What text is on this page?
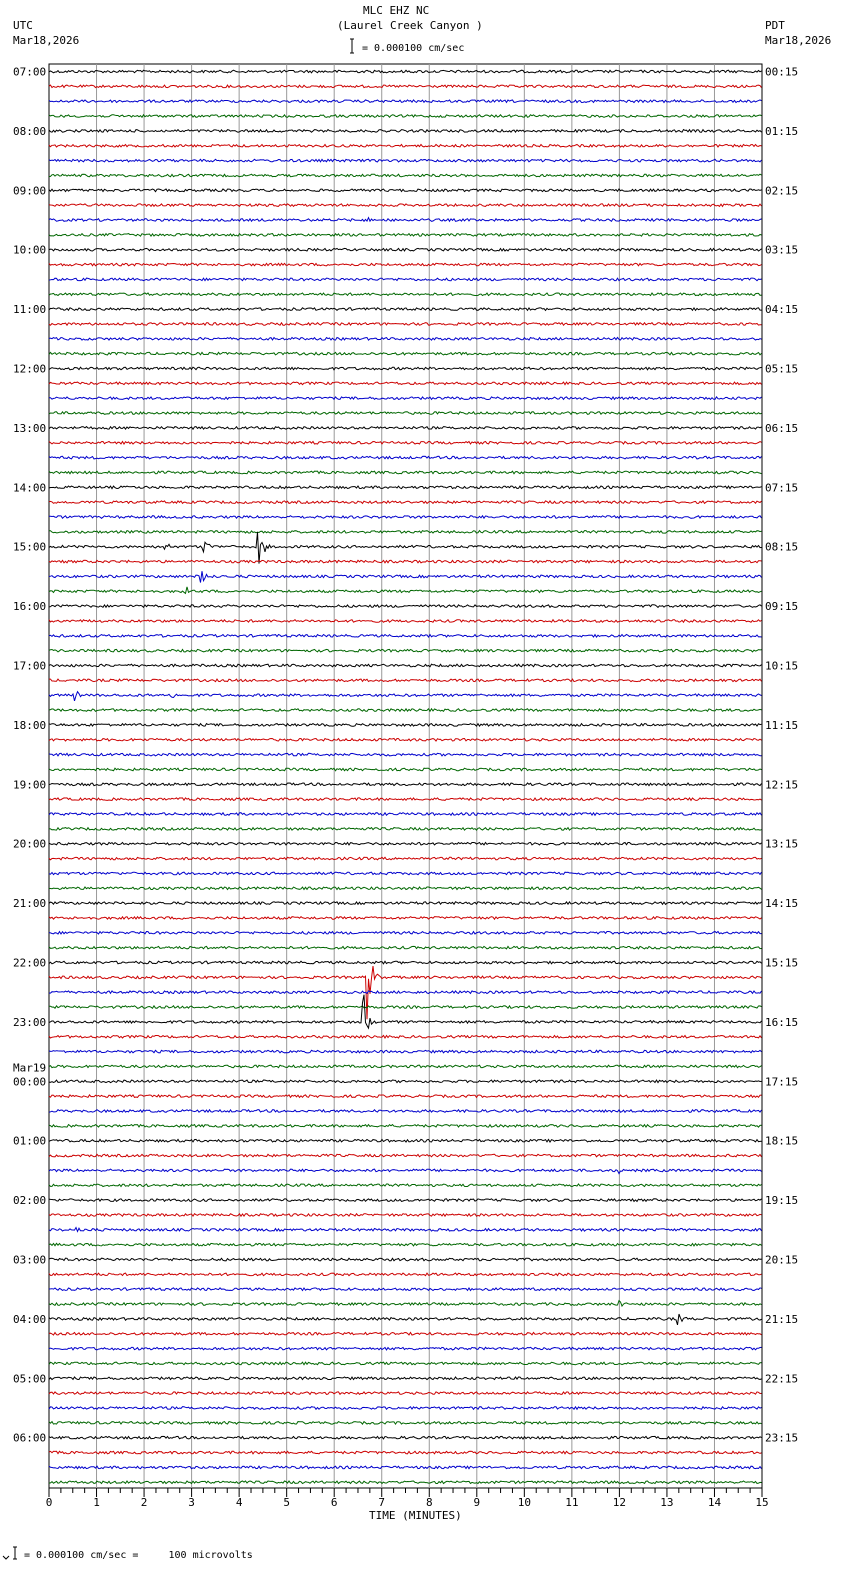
MLC EHZ NC
(Laurel Creek Canyon )
= 0.000100 cm/sec
UTC
Mar18,2026
PDT
Mar18,2026
TIME (MINUTES)
= 0.000100 cm/sec =     100 microvolts
0	1	2	3	4	5	6	7	8	9	10	11	12	13	14	15
07:00	00:15
08:00	01:15
09:00	02:15
10:00	03:15
11:00	04:15
12:00	05:15
13:00	06:15
14:00	07:15
15:00	08:15
16:00	09:15
17:00	10:15
18:00	11:15
19:00	12:15
20:00	13:15
21:00	14:15
22:00	15:15
23:00	16:15
00:00	17:15
Mar19
01:00	18:15
02:00	19:15
03:00	20:15
04:00	21:15
05:00	22:15
06:00	23:15
